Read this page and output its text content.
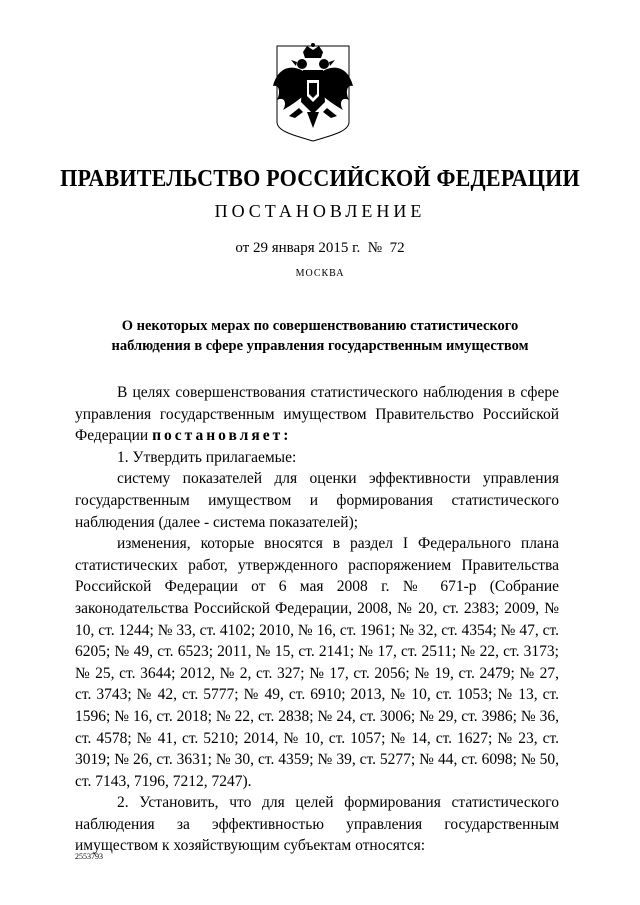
ПРАВИТЕЛЬСТВО РОССИЙСКОЙ ФЕДЕРАЦИИ
ПОСТАНОВЛЕНИЕ
от 29 января 2015 г.  №  72
МОСКВА
О некоторых мерах по совершенствованию статистического
наблюдения в сфере управления государственным имуществом

В целях совершенствования статистического наблюдения в сфере управления государственным имуществом Правительство Российской Федерации постановляет:

1. Утвердить прилагаемые:

систему показателей для оценки эффективности управления государственным имуществом и формирования статистического наблюдения (далее - система показателей);

изменения, которые вносятся в раздел I Федерального плана статистических работ, утвержденного распоряжением Правительства Российской Федерации от 6 мая 2008 г. № 671-р (Собрание законодательства Российской Федерации, 2008, № 20, ст. 2383; 2009, № 10, ст. 1244; № 33, ст. 4102; 2010, № 16, ст. 1961; № 32, ст. 4354; № 47, ст. 6205; № 49, ст. 6523; 2011, № 15, ст. 2141; № 17, ст. 2511; № 22, ст. 3173; № 25, ст. 3644; 2012, № 2, ст. 327; № 17, ст. 2056; № 19, ст. 2479; № 27, ст. 3743; № 42, ст. 5777; № 49, ст. 6910; 2013, № 10, ст. 1053; № 13, ст. 1596; № 16, ст. 2018; № 22, ст. 2838; № 24, ст. 3006; № 29, ст. 3986; № 36, ст. 4578; № 41, ст. 5210; 2014, № 10, ст. 1057; № 14, ст. 1627; № 23, ст. 3019; № 26, ст. 3631; № 30, ст. 4359; № 39, ст. 5277; № 44, ст. 6098; № 50, ст. 7143, 7196, 7212, 7247).

2. Установить, что для целей формирования статистического наблюдения за эффективностью управления государственным имуществом к хозяйствующим субъектам относятся:

2553793
